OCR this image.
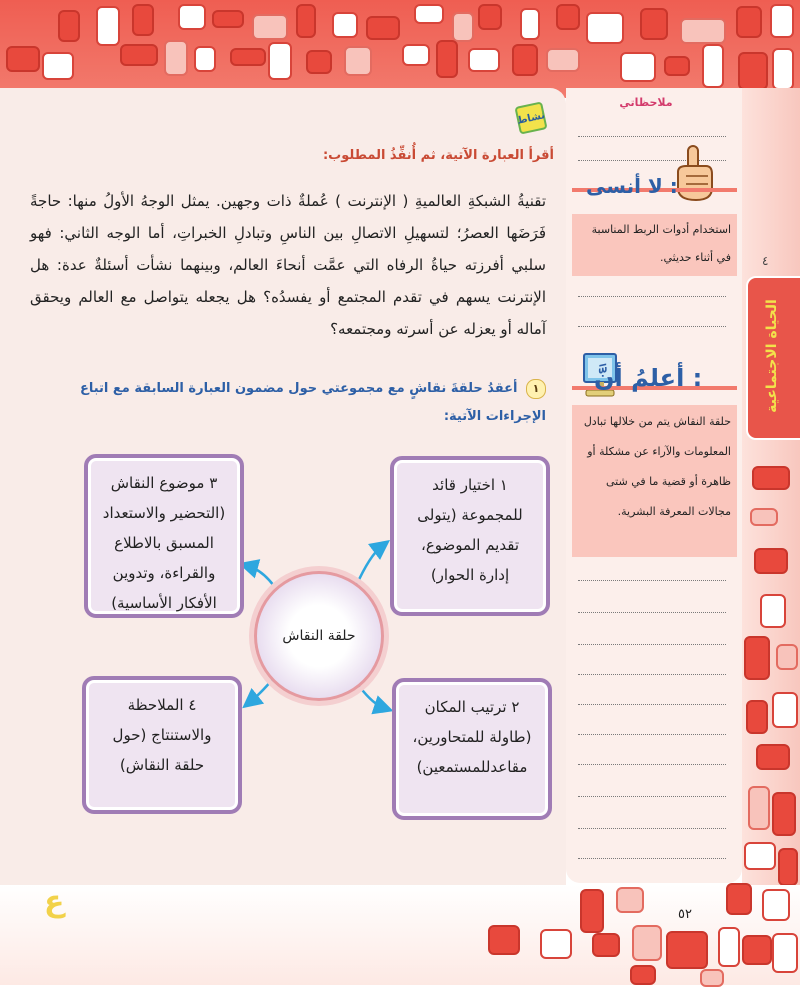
نشاط
أقرأ العبارة الآتية، ثم أُنفِّذُ المطلوب:
تقنيةُ الشبكةِ العالميةِ ( الإنترنت ) عُملةٌ ذات وجهين. يمثل الوجهُ الأولُ منها: حاجةً فَرَضَها العصرُ؛ لتسهيلِ الاتصالِ بين الناسِ وتبادلِ الخبراتِ، أما الوجه الثاني: فهو سلبي أفرزته حياةُ الرفاه التي عمَّت أنحاءَ العالم، وبينهما نشأت أسئلةٌ عدة: هل الإنترنت يسهم في تقدم المجتمع أو يفسدُه؟ هل يجعله يتواصل مع العالم ويحقق آماله أو يعزله عن أسرته ومجتمعه؟
١ أعقدُ حلقةَ نقاشٍ مع مجموعتي حول مضمون العبارة السابقة مع اتباع الإجراءات الآتية:
حلقة النقاش
١ اختيار قائد للمجموعة (يتولى تقديم الموضوع، إدارة الحوار)
٢ ترتيب المكان (طاولة للمتحاورين، مقاعدللمستمعين)
٣ موضوع النقاش (التحضير والاستعداد المسبق بالاطلاع والقراءة، وتدوين الأفكار الأساسية)
٤ الملاحظة والاستنتاج (حول حلقة النقاش)
ملاحظاتي
لا أنسى :
استخدام أدوات الربط المناسبة في أثناء حديثي.
أعلمُ أنَّ :
حلقة النقاش يتم من خلالها تبادل المعلومات والآراء عن مشكلة أو ظاهرة أو قضية ما في شتى مجالات المعرفة البشرية.
٤
الحياة الاجتماعية
ع	٥٢
